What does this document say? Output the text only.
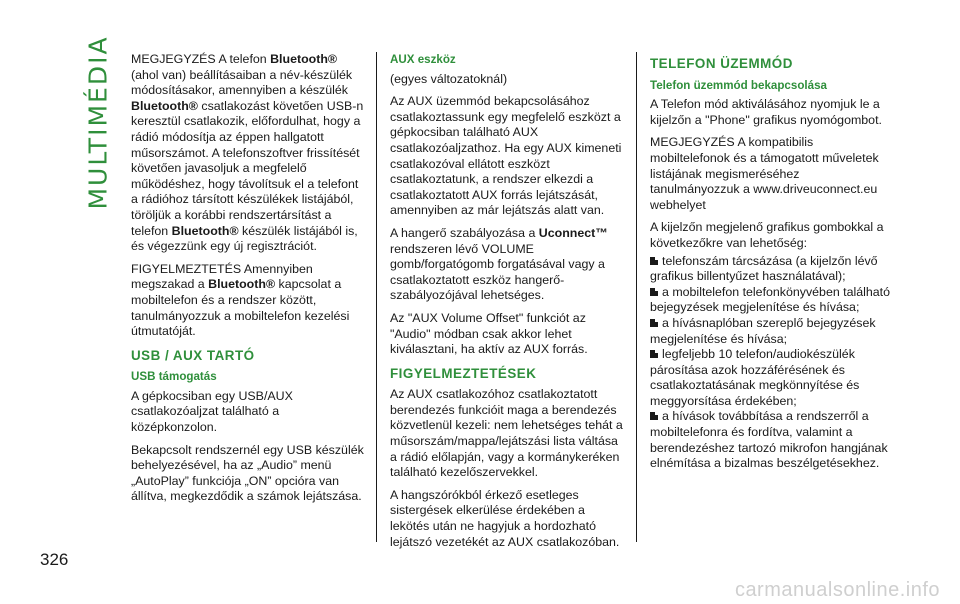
MULTIMÉDIA MEGJEGYZÉS A telefon Bluetooth® (ahol van) beállításaiban a név-készülék módosításakor, amennyiben a készülék Bluetooth® csatlakozást követően USB-n keresztül csatlakozik, előfordulhat, hogy a rádió módosítja az éppen hallgatott műsorszámot. A telefonszoftver frissítését követően javasoljuk a megfelelő működéshez, hogy távolítsuk el a telefont a rádióhoz társított készülékek listájából, töröljük a korábbi rendszertársítást a telefon Bluetooth® készülék listájából is, és végezzünk egy új regisztrációt.

FIGYELMEZTETÉS Amennyiben megszakad a Bluetooth® kapcsolat a mobiltelefon és a rendszer között, tanulmányozzuk a mobiltelefon kezelési útmutatóját.

USB / AUX TARTÓ
USB támogatás

A gépkocsiban egy USB/AUX csatlakozóaljzat található a középkonzolon.

Bekapcsolt rendszernél egy USB készülék behelyezésével, ha az „Audio” menü „AutoPlay” funkciója „ON” opcióra van állítva, megkezdődik a számok lejátszása.

AUX eszköz

(egyes változatoknál)

Az AUX üzemmód bekapcsolásához csatlakoztassunk egy megfelelő eszközt a gépkocsiban található AUX csatlakozóaljzathoz. Ha egy AUX kimeneti csatlakozóval ellátott eszközt csatlakoztatunk, a rendszer elkezdi a csatlakoztatott AUX forrás lejátszását, amennyiben az már lejátszás alatt van.

A hangerő szabályozása a Uconnect™ rendszeren lévő VOLUME gomb/forgatógomb forgatásával vagy a csatlakoztatott eszköz hangerő-szabályozójával lehetséges.

Az "AUX Volume Offset" funkciót az "Audio" módban csak akkor lehet kiválasztani, ha aktív az AUX forrás.

FIGYELMEZTETÉSEK

Az AUX csatlakozóhoz csatlakoztatott berendezés funkcióit maga a berendezés közvetlenül kezeli: nem lehetséges tehát a műsorszám/mappa/lejátszási lista váltása a rádió előlapján, vagy a kormánykeréken található kezelőszervekkel.

A hangszórókból érkező esetleges sistergések elkerülése érdekében a lekötés után ne hagyjuk a hordozható lejátszó vezetékét az AUX csatlakozóban.

TELEFON ÜZEMMÓD
Telefon üzemmód bekapcsolása

A Telefon mód aktiválásához nyomjuk le a kijelzőn a "Phone" grafikus nyomógombot.

MEGJEGYZÉS A kompatibilis mobiltelefonok és a támogatott műveletek listájának megismeréséhez tanulmányozzuk a www.driveuconnect.eu webhelyet

A kijelzőn megjelenő grafikus gombokkal a következőkre van lehetőség:

telefonszám tárcsázása (a kijelzőn lévő grafikus billentyűzet használatával);

a mobiltelefon telefonkönyvében található bejegyzések megjelenítése és hívása;

a hívásnaplóban szereplő bejegyzések megjelenítése és hívása;

legfeljebb 10 telefon/audiokészülék párosítása azok hozzáférésének és csatlakoztatásának megkönnyítése és meggyorsítása érdekében;

a hívások továbbítása a rendszerről a mobiltelefonra és fordítva, valamint a berendezéshez tartozó mikrofon hangjának elnémítása a bizalmas beszélgetésekhez.

326
carmanualsonline.info
